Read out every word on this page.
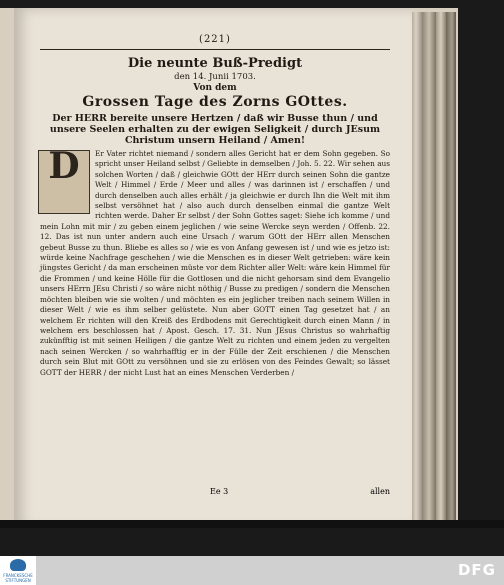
(221)
Die neunte Buß-Predigt
den 14. Junii 1703.
Von dem
Grossen Tage des Zorns GOttes.
Der HERR bereite unsere Hertzen / daß wir Busse thun / und unsere Seelen erhalten zu der ewigen Seligkeit / durch JEsum Christum unsern Heiland / Amen!
D	Er Vater richtet niemand / sondern alles Gericht hat er dem Sohn gegeben. So spricht unser Heiland selbst / Geliebte in demselben / Joh. 5. 22. Wir sehen aus solchen Worten / daß / gleichwie GOtt der HErr durch seinen Sohn die gantze Welt / Himmel / Erde / Meer und alles / was darinnen ist / erschaffen / und durch denselben auch alles erhält / ja gleichwie er durch Ihn die Welt mit ihm selbst versöhnet hat / also auch durch denselben einmal die gantze Welt richten werde. Daher Er selbst / der Sohn Gottes saget: Siehe ich komme / und mein Lohn mit mir / zu geben einem jeglichen / wie seine Wercke seyn werden / Offenb. 22. 12. Das ist nun unter andern auch eine Ursach / warum GOtt der HErr allen Menschen gebeut Busse zu thun. Bliebe es alles so / wie es von Anfang gewesen ist / und wie es jetzo ist: würde keine Nachfrage geschehen / wie die Menschen es in dieser Welt getrieben: wäre kein jüngstes Gericht / da man erscheinen müste vor dem Richter aller Welt: wäre kein Himmel für die Frommen / und keine Hölle für die Gottlosen und die nicht gehorsam sind dem Evangelio unsers HErrn JEsu Christi / so wäre nicht nöthig / Busse zu predigen / sondern die Menschen möchten bleiben wie sie wolten / und möchten es ein jeglicher treiben nach seinem Willen in dieser Welt / wie es ihm selber gelüstete. Nun aber GOTT einen Tag gesetzet hat / an welchem Er richten will den Kreiß des Erdbodens mit Gerechtigkeit durch einen Mann / in welchem ers beschlossen hat / Apost. Gesch. 17. 31. Nun JEsus Christus so wahrhaftig zukünfftig ist mit seinen Heiligen / die gantze Welt zu richten und einem jeden zu vergelten nach seinen Wercken / so wahrhafftig er in der Fülle der Zeit erschienen / die Menschen durch sein Blut mit GOtt zu versöhnen und sie zu erlösen von des Feindes Gewalt; so lässet GOTT der HERR / der nicht Lust hat an eines Menschen Verderben /
Ee 3	allen
FRANCKESCHE STIFTUNGEN
DFG
